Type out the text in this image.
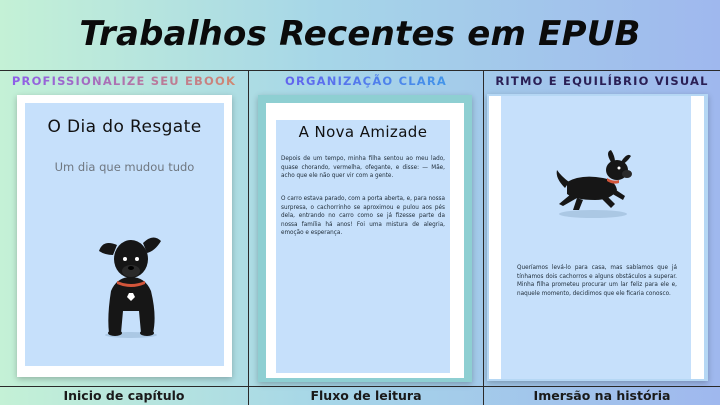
Trabalhos Recentes em EPUB
PROFISSIONALIZE SEU EBOOK	ORGANIZAÇÃO CLARA	RITMO E EQUILÍBRIO VISUAL
O Dia do Resgate
Um dia que mudou tudo
A Nova Amizade
Depois de um tempo, minha filha sentou ao meu lado, quase chorando, vermelha, ofegante, e disse: — Mãe, acho que ele não quer vir com a gente.
O carro estava parado, com a porta aberta, e, para nossa surpresa, o cachorrinho se aproximou e pulou aos pés dela, entrando no carro como se já fizesse parte da nossa família há anos! Foi uma mistura de alegria, emoção e esperança.
Queríamos levá-lo para casa, mas sabíamos que já tínhamos dois cachorros e alguns obstáculos a superar. Minha filha prometeu procurar um lar feliz para ele e, naquele momento, decidimos que ele ficaria conosco.
Inicio de capítulo	Fluxo de leitura	Imersão na história
